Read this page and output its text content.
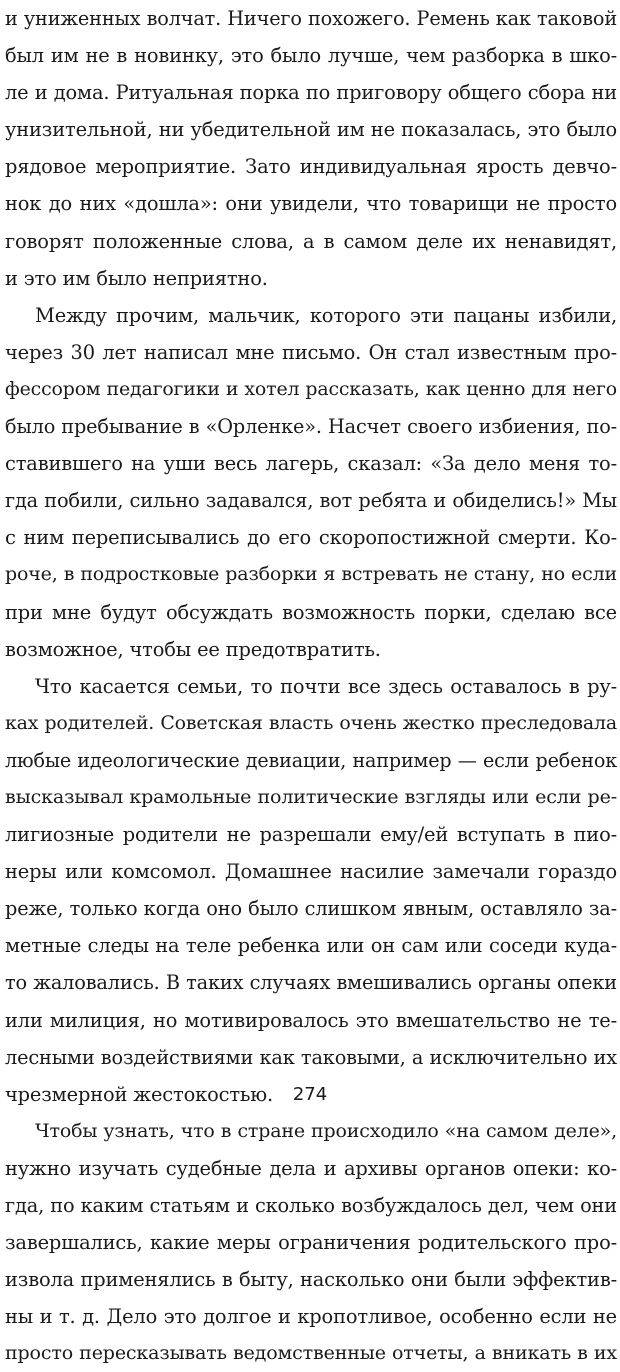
и униженных волчат. Ничего похожего. Ремень как таковой
был им не в новинку, это было лучше, чем разборка в шко-
ле и дома. Ритуальная порка по приговору общего сбора ни
унизительной, ни убедительной им не показалась, это было
рядовое мероприятие. Зато индивидуальная ярость девчо-
нок до них «дошла»: они увидели, что товарищи не просто
говорят положенные слова, а в самом деле их ненавидят,
и это им было неприятно.
Между прочим, мальчик, которого эти пацаны избили,
через 30 лет написал мне письмо. Он стал известным про-
фессором педагогики и хотел рассказать, как ценно для него
было пребывание в «Орленке». Насчет своего избиения, по-
ставившего на уши весь лагерь, сказал: «За дело меня то-
гда побили, сильно задавался, вот ребята и обиделись!» Мы
с ним переписывались до его скоропостижной смерти. Ко-
роче, в подростковые разборки я встревать не стану, но если
при мне будут обсуждать возможность порки, сделаю все
возможное, чтобы ее предотвратить.
Что касается семьи, то почти все здесь оставалось в ру-
ках родителей. Советская власть очень жестко преследовала
любые идеологические девиации, например — если ребенок
высказывал крамольные политические взгляды или если ре-
лигиозные родители не разрешали ему/ей вступать в пио-
неры или комсомол. Домашнее насилие замечали гораздо
реже, только когда оно было слишком явным, оставляло за-
метные следы на теле ребенка или он сам или соседи куда-
то жаловались. В таких случаях вмешивались органы опеки
или милиция, но мотивировалось это вмешательство не те-
лесными воздействиями как таковыми, а исключительно их
чрезмерной жестокостью.
Чтобы узнать, что в стране происходило «на самом деле»,
нужно изучать судебные дела и архивы органов опеки: ко-
гда, по каким статьям и сколько возбуждалось дел, чем они
завершались, какие меры ограничения родительского про-
извола применялись в быту, насколько они были эффектив-
ны и т. д. Дело это долгое и кропотливое, особенно если не
просто пересказывать ведомственные отчеты, а вникать в их
274
